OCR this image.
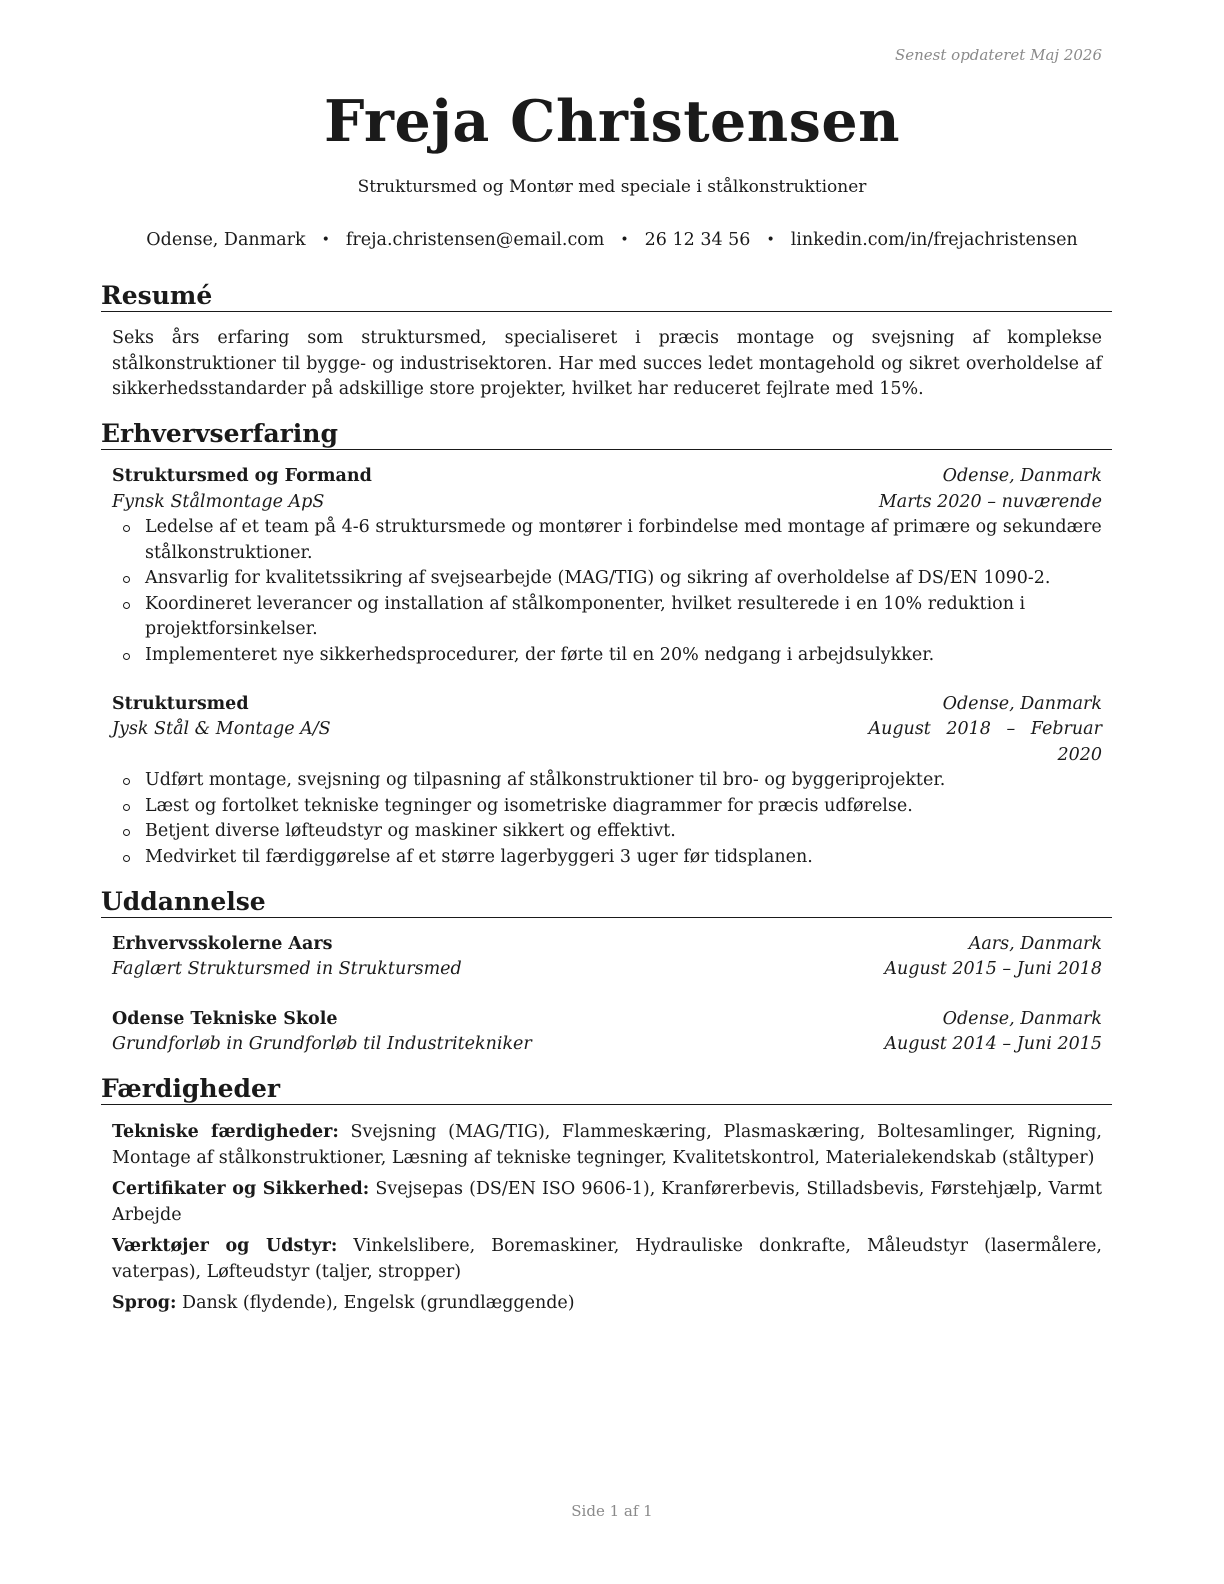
Senest opdateret Maj 2026
Freja Christensen
Struktursmed og Montør med speciale i stålkonstruktioner
Odense, Danmark • freja.christensen@email.com • 26 12 34 56 • linkedin.com/in/frejachristensen
Resumé
Seks års erfaring som struktursmed, specialiseret i præcis montage og svejsning af komplekse stålkonstruktioner til bygge- og industrisektoren. Har med succes ledet montagehold og sikret overholdelse af sikkerhedsstandarder på adskillige store projekter, hvilket har reduceret fejlrate med 15%.
Erhvervserfaring
Struktursmed og Formand	Odense, Danmark
Fynsk Stålmontage ApS	Marts 2020 – nuværende
Ledelse af et team på 4-6 struktursmede og montører i forbindelse med montage af primære og sekundære stålkonstruktioner.
Ansvarlig for kvalitetssikring af svejsearbejde (MAG/TIG) og sikring af overholdelse af DS/EN 1090-2.
Koordineret leverancer og installation af stålkomponenter, hvilket resulterede i en 10% reduktion i projektforsinkelser.
Implementeret nye sikkerhedsprocedurer, der førte til en 20% nedgang i arbejdsulykker.
Struktursmed	Odense, Danmark
Jysk Stål & Montage A/S	August 2018 – Februar
2020
Udført montage, svejsning og tilpasning af stålkonstruktioner til bro- og byggeriprojekter.
Læst og fortolket tekniske tegninger og isometriske diagrammer for præcis udførelse.
Betjent diverse løfteudstyr og maskiner sikkert og effektivt.
Medvirket til færdiggørelse af et større lagerbyggeri 3 uger før tidsplanen.
Uddannelse
Erhvervsskolerne Aars	Aars, Danmark
Faglært Struktursmed in Struktursmed	August 2015 – Juni 2018
Odense Tekniske Skole	Odense, Danmark
Grundforløb in Grundforløb til Industritekniker	August 2014 – Juni 2015
Færdigheder
Tekniske færdigheder: Svejsning (MAG/TIG), Flammeskæring, Plasmaskæring, Boltesamlinger, Rigning, Montage af stålkonstruktioner, Læsning af tekniske tegninger, Kvalitetskontrol, Materialekendskab (ståltyper)
Certifikater og Sikkerhed: Svejsepas (DS/EN ISO 9606-1), Kranførerbevis, Stilladsbevis, Førstehjælp, Varmt Arbejde
Værktøjer og Udstyr: Vinkelslibere, Boremaskiner, Hydrauliske donkrafte, Måleudstyr (lasermålere, vaterpas), Løfteudstyr (taljer, stropper)
Sprog: Dansk (flydende), Engelsk (grundlæggende)
Side 1 af 1
